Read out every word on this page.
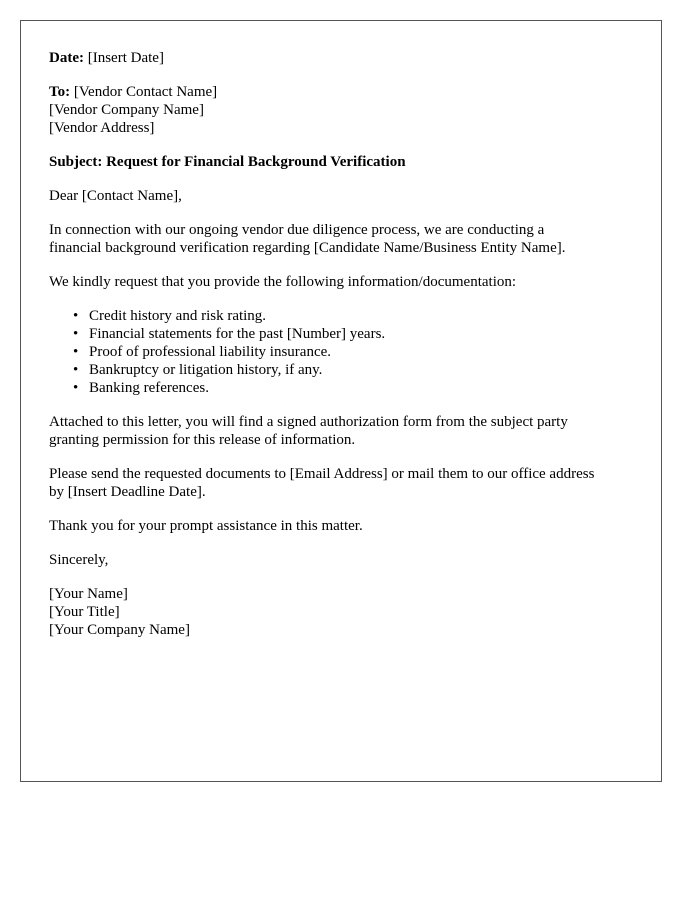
Date: [Insert Date]

To: [Vendor Contact Name]
[Vendor Company Name]
[Vendor Address]

Subject: Request for Financial Background Verification

Dear [Contact Name],

In connection with our ongoing vendor due diligence process, we are conducting a
financial background verification regarding [Candidate Name/Business Entity Name].

We kindly request that you provide the following information/documentation:

• Credit history and risk rating.
• Financial statements for the past [Number] years.
• Proof of professional liability insurance.
• Bankruptcy or litigation history, if any.
• Banking references.

Attached to this letter, you will find a signed authorization form from the subject party
granting permission for this release of information.

Please send the requested documents to [Email Address] or mail them to our office address
by [Insert Deadline Date].

Thank you for your prompt assistance in this matter.

Sincerely,

[Your Name]
[Your Title]
[Your Company Name]
